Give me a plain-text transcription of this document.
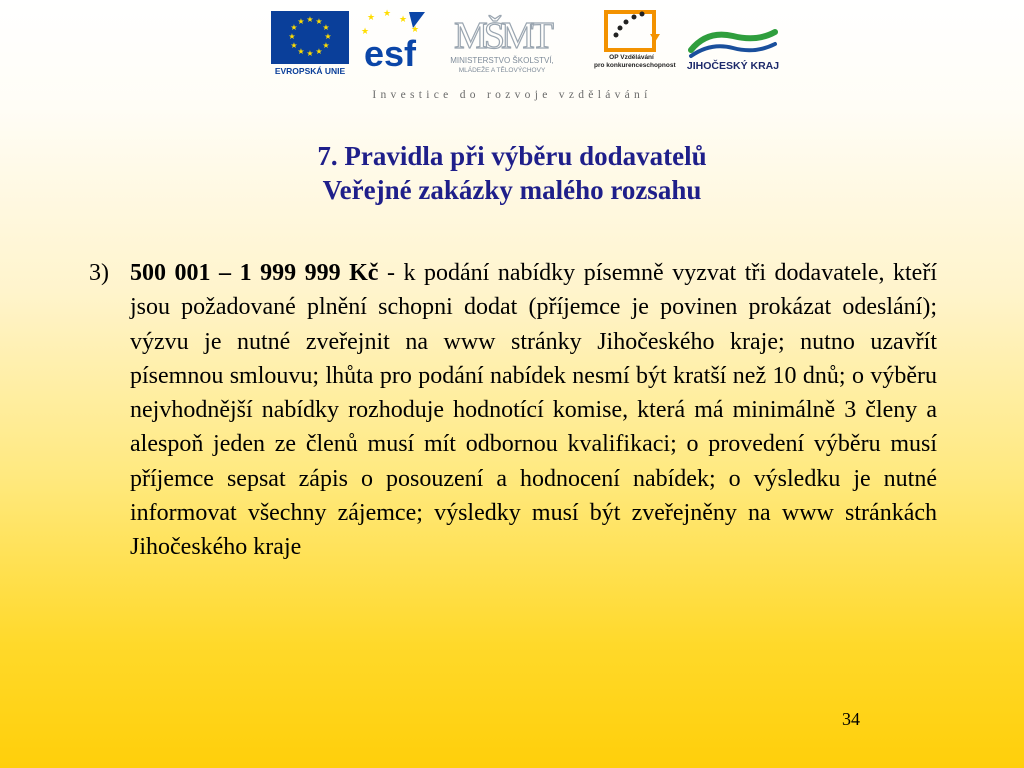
★ ★
★
★
★
★
★
★
★
★
★
★
EVROPSKÁ UNIE
★ ★
★
★	★
esf MŠMT
MINISTERSTVO ŠKOLSTVÍ,
MLÁDEŽE A TĚLOVÝCHOVY
OP Vzdělávání
pro konkurenceschopnost	JIHOČESKÝ KRAJ
Investice do rozvoje vzdělávání
7. Pravidla při výběru dodavatelů
Veřejné zakázky malého rozsahu
3) 500 001 – 1 999 999 Kč - k podání nabídky písemně vyzvat tři dodavatele, kteří jsou požadované plnění schopni dodat (příjemce je povinen prokázat odeslání); výzvu je nutné zveřejnit na www stránky Jihočeského kraje; nutno uzavřít písemnou smlouvu; lhůta pro podání nabídek nesmí být kratší než 10 dnů; o výběru nejvhodnější nabídky rozhoduje hodnotící komise, která má minimálně 3 členy a alespoň jeden ze členů musí mít odbornou kvalifikaci; o provedení výběru musí příjemce sepsat zápis o posouzení a hodnocení nabídek; o výsledku je nutné informovat všechny zájemce; výsledky musí být zveřejněny na www stránkách Jihočeského kraje
34
